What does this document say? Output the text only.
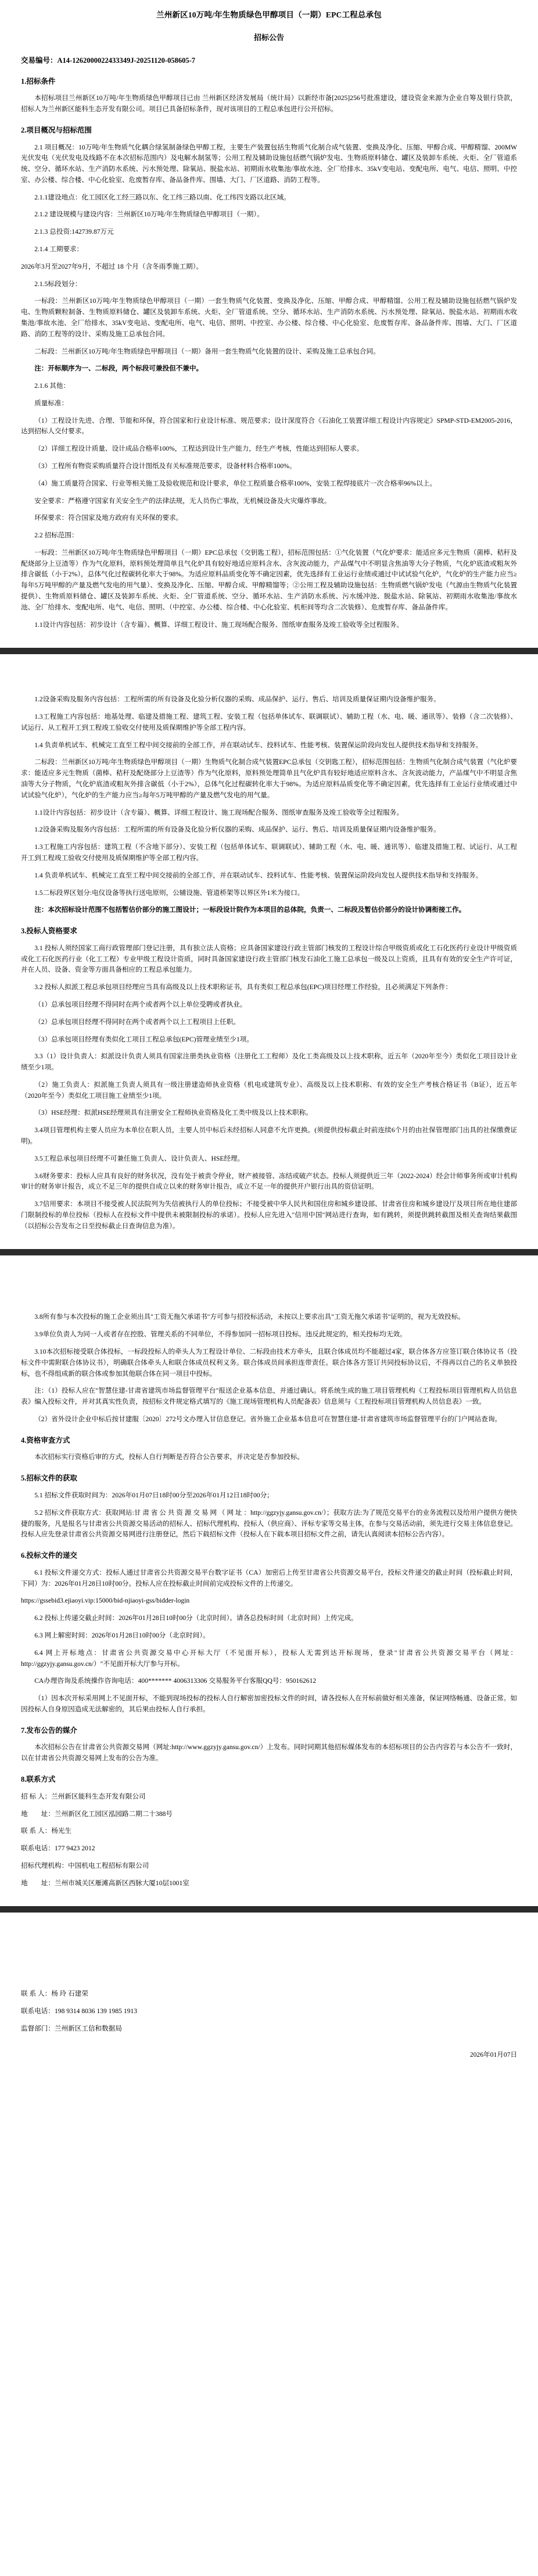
兰州新区10万吨/年生物质绿色甲醇项目（一期）EPC工程总承包
招标公告
交易编号：A14-1262000022433349J-20251120-058605-7
1.招标条件

本招标项目兰州新区10万吨/年生物质绿色甲醇项目已由 兰州新区经济发展局（统计局）以新经市备[2025]256号批准建设，建设资金来源为企业自筹及银行贷款，招标人为兰州新区能科生态开发有限公司。项目已具备招标条件，现对该项目的工程总承包进行公开招标。

2.项目概况与招标范围

2.1 项目概况：10万吨/年生物质气化耦合绿氢制备绿色甲醇工程，主要生产装置包括生物质气化制合成气装置、变换及净化、压缩、甲醇合成、甲醇精馏、200MW光伏发电（光伏发电及线路不在本次招标范围内）及电解水制氢等；公用工程及辅助设施包括燃气锅炉发电、生物质原料储仓、罐区及装卸车系统、火炬、全厂管道系统、空分、循环水站、生产消防水系统、污水预处理、除氧站、脱盐水站、初期雨水收集池/事故水池、全厂给排水、35kV变电站、变配电所、电气、电信、照明、中控室、办公楼、综合楼、中心化验室、危废暂存库、备品备件库、围墙、大门、厂区道路、消防工程等。

2.1.1建设地点：化工园区化工经三路以东、化工纬三路以南、化工纬四支路以北区域。

2.1.2 建设规模与建设内容：兰州新区10万吨/年生物质绿色甲醇项目（一期）。

2.1.3 总投资:142739.87万元

2.1.4 工期要求：

2026年3月至2027年9月，不超过 18 个月（含冬雨季施工期）。

2.1.5标段划分：

一标段：兰州新区10万吨/年生物质绿色甲醇项目（一期）一套生物质气化装置、变换及净化、压缩、甲醇合成、甲醇精馏、公用工程及辅助设施包括燃气锅炉发电、生物质颗粒制备、生物质原料储仓、罐区及装卸车系统、火炬、全厂管道系统、空分、循环水站、生产消防水系统、污水预处理、除氧站、脱盐水站、初期雨水收集池/事故水池、全厂给排水、35kV变电站、变配电所、电气、电信、照明、中控室、办公楼、综合楼、中心化验室、危废暂存库、备品备件库、围墙、大门、厂区道路、消防工程等的设计、采购及施工总承包合同。

二标段：兰州新区10万吨/年生物质绿色甲醇项目（一期）备用一套生物质气化装置的设计、采购及施工总承包合同。

注：开标顺序为一、二标段，两个标段可兼投但不兼中。

2.1.6 其他：

质量标准：

（1）工程设计先进、合理、节能和环保，符合国家和行业设计标准、规范要求；设计深度符合《石油化工装置详细工程设计内容规定》SPMP-STD-EM2005-2016，达到招标人交付要求。

（2）详细工程设计质量、设计成品合格率100%，工程达到设计生产能力，经生产考核，性能达到招标人要求。

（3）工程所有物资采购质量符合设计图纸及有关标准规范要求，设备材料合格率100%。

（4）施工质量符合国家、行业等相关施工及验收规范和设计要求，单位工程质量合格率100%，安装工程焊接底片一次合格率96%以上。

安全要求：严格遵守国家有关安全生产的法律法规，无人员伤亡事故，无机械设备及火灾爆炸事故。

环保要求：符合国家及地方政府有关环保的要求。

2.2 招标范围：

一标段：兰州新区10万吨/年生物质绿色甲醇项目（一期）EPC总承包（交钥匙工程），招标范围包括：①气化装置（气化炉要求：能适应多元生物质（菌棒、秸秆及配烧部分上豆渣等）作为气化原料，原料预处理简单且气化炉具有较好地适应原料含水、含灰波动能力，产品煤气中不明显含焦油等大分子物质，气化炉底渣或粗灰外排含碳低（小于2%），总体气化过程碳转化率大于98%。为适应原料品质变化等不确定因素，优先选择有工业运行业绩或通过中试试验气化炉，气化炉的生产能力应当≥每年5万吨甲醇的产量及燃气发电的用气量）、变换及净化、压缩、甲醇合成、甲醇精馏等；②公用工程及辅助设施包括：生物质燃气锅炉发电（气源由生物质气化装置提供）、生物质原料储仓、罐区及装卸车系统、火炬、全厂管道系统、空分、循环水站、生产消防水系统、污水缓冲池、脱盐水站、除氧站、初期雨水收集池/事故水池、全厂给排水、变配电所、电气、电信、照明、（中控室、办公楼、综合楼、中心化验室、机柜间等均含二次装修）、危废暂存库、备品备件库。

1.1设计内容包括：初步设计（含专篇）、概算、详细工程设计、施工现场配合服务、图纸审查服务及竣工验收等全过程服务。

1.2设备采购及服务内容包括：工程所需的所有设备及化验分析仪器的采购、成品保护、运行、售后、培训及质量保证期内设备维护服务。

1.3工程施工内容包括：地基处理、临建及措施工程、建筑工程、安装工程（包括单体试车、联调联试）、辅助工程（水、电、暖、通讯等）、装修（含二次装修）、试运行、从工程开工到工程竣工验收交付使用及质保期维护等全部工程内容。

1.4 负责单机试车、机械完工直至工程中间交接前的全部工作，并在联动试车、投料试车、性能考核、装置保运阶段向发包人提供技术指导和支持服务。

二标段：兰州新区10万吨/年生物质绿色甲醇项目（一期）生物质气化制合成气装置EPC总承包（交钥匙工程），招标范围包括：生物质气化制合成气装置（气化炉要求：能适应多元生物质（菌棒、秸秆及配烧部分上豆渣等）作为气化原料，原料预处理简单且气化炉具有较好地适应原料含水、含灰波动能力，产品煤气中不明显含焦油等大分子物质，气化炉底渣或粗灰外排含碳低（小于2%），总体气化过程碳转化率大于98%。为适应原料品质变化等不确定因素，优先选择有工业运行业绩或通过中试试验气化炉），气化炉的生产能力应当≥每年5万吨甲醇的产量及燃气发电的用气量。

1.1设计内容包括：初步设计（含专篇）、概算、详细工程设计、施工现场配合服务、图纸审查服务及竣工验收等全过程服务。

1.2设备采购及服务内容包括：工程所需的所有设备及化验分析仪器的采购、成品保护、运行、售后、培训及质量保证期内设备维护服务。

1.3工程施工内容包括：建筑工程（不含地下部分）、安装工程（包括单体试车、联调联试）、辅助工程（水、电、暖、通讯等）、临建及措施工程、试运行、从工程开工到工程竣工验收交付使用及质保期维护等全部工程内容。

1.4 负责单机试车、机械完工直至工程中间交接前的全部工作，并在联动试车、投料试车、性能考核、装置保运阶段向发包人提供技术指导和支持服务。

1.5二标段界区划分:电仪设备等执行送电原则，公辅设施、管道桥架等以界区外1米为接口。

注：本次招标设计范围不包括暂估价部分的施工图设计；一标段设计院作为本项目的总体院，负责一、二标段及暂估价部分的设计协调衔接工作。

3.投标人资格要求

3.1 投标人须经国家工商行政管理部门登记注册，具有独立法人资格；应具备国家建设行政主管部门核发的工程设计综合甲级资质或化工石化医药行业设计甲级资质或化工石化医药行业（化工工程）专业甲级工程设计资质，同时具备国家建设行政主管部门核发石油化工施工总承包一级及以上资质，且具有有效的安全生产许可证，并在人员、设备、资金等方面具备相应的工程总承包能力。

3.2 投标人拟派工程总承包项目经理应当具有高级及以上技术职称证书，具有类似工程总承包(EPC)项目经理工作经验，且必须满足下列条件：

（1）总承包项目经理不得同时在两个或者两个以上单位受聘或者执业。

（2）总承包项目经理不得同时在两个或者两个以上工程项目上任职。

（3）总承包项目经理有类似化工项目工程总承包(EPC)管理业绩至少1项。

3.3（1）设计负责人：拟派设计负责人须具有国家注册类执业资格（注册化工工程师）及化工类高级及以上技术职称，近五年（2020年至今）类似化工项目设计业绩至少1项。

（2）施工负责人：拟派施工负责人须具有一级注册建造师执业资格（机电或建筑专业）、高级及以上技术职称、有效的安全生产考核合格证书（B证），近五年（2020年至今）类似化工项目施工业绩至少1项。

（3）HSE经理：拟派HSE经理须具有注册安全工程师执业资格及化工类中级及以上技术职称。

3.4项目管理机构主要人员应为本单位在职人员，主要人员中标后未经招标人同意不允许更换。(须提供投标截止时前连续6个月的由社保管理部门出具的社保缴费证明)。

3.5工程总承包项目经理不可兼任施工负责人、设计负责人、HSE经理。

3.6财务要求：投标人应具有良好的财务状况，没有处于被责令停业，财产被接管、冻结或破产状态。投标人须提供近三年（2022-2024）经会计师事务所或审计机构审计的财务审计报告，成立不足三年的提供自成立以来的财务审计报告，成立不足一年的提供开户银行出具的资信证明。

3.7信用要求：本项目不接受被人民法院列为失信被执行人的单位投标；不接受被中华人民共和国住房和城乡建设部、甘肃省住房和城乡建设厅及项目所在地住建部门限制投标的单位投标（投标人在投标文件中提供未被限制投标的承诺）。投标人应先进入"信用中国"网站进行查询，如有跳转，须提供跳转截图及相关查询结果截图（以招标公告发布之日至投标截止日查询信息为准）。

3.8所有参与本次投标的施工企业须出具"工资无拖欠承诺书"方可参与招投标活动，未按以上要求出具"工资无拖欠承诺书"证明的，视为无效投标。

3.9单位负责人为同一人或者存在控股、管理关系的不同单位，不得参加同一招标项目投标。违反此规定的，相关投标均无效。

3.10本次招标接受联合体投标，一标段投标人的牵头人为工程设计单位、二标段由技术方牵头，且联合体成员均不能超过4家，联合体各方应签订联合体协议书（投标文件中需附联合体协议书），明确联合体牵头人和联合体成员权利义务。联合体成员间承担连带责任。联合体各方签订共同投标协议后，不得再以自己的名义单独投标，也不得组成新的联合体或参加其他联合体在同一项目中投标。

注：（1）投标人应在"智慧住建-甘肃省建筑市场监督管理平台"报送企业基本信息，并通过确认。将系统生成的施工项目管理机构《工程投标项目管理机构人员信息表》编入投标文件，并对其真实性负责，按招标文件规定格式填写的《施工现场管理机构人员配备表》信息须与《工程投标项目管理机构人员信息表》一致。

（2）省外设计企业中标后按甘建服〔2020〕272号文办理入甘信息登记。省外施工企业基本信息可在智慧住建-甘肃省建筑市场监督管理平台的门户网站查询。

4.资格审查方式

本次招标实行资格后审的方式，投标人自行判断是否符合公告要求，并决定是否参加投标。

5.招标文件的获取

5.1 招标文件获取时间为：2026年01月07日18时00分至2026年01月12日18时00分；

5.2 招标文件获取方式：获取网站:甘 肃 省 公 共 资 源 交 易 网 （ 网 址 ：http://ggzyjy.gansu.gov.cn/）；获取方法:为了规范交易平台的业务流程以及给用户提供方便快捷的服务，凡是报名与甘肃省公共资源交易活动的招标人、招标代理机构、投标人（供应商）、评标专家等交易主体，在参与交易活动前，须先进行交易主体信息登记。投标人应先登录甘肃省公共资源交易网进行注册登记，然后下载招标文件（投标人在下载本项目招标文件之前，请先认真阅读本招标公告内容）。

6.投标文件的递交

6.1 投标文件递交方式：投标人通过甘肃省公共资源交易平台数字证书（CA）加密后上传至甘肃省公共资源交易平台，投标文件递交的截止时间（投标截止时间，下同）为：2026年01月28日10时00分。投标人应在投标截止时间前完成投标文件的上传递交。

https://gssebid3.ejiaoyi.vip:15000/bid-njiaoyi-gss/bidder-login

6.2 投标上传递交截止时间：2026年01月28日10时00分（北京时间）。请各总投标时间（北京时间）上传完成。

6.3 网上解密时间：2026年01月28日10时00分（北京时间）。

6.4 网上开标地点：甘肃省公共资源交易中心开标大厅（不见面开标），投标人无需到达开标现场，登录"甘肃省公共资源交易平台（网址：http://ggzyjy.gansu.gov.cn/）"不见面开标大厅参与开标。

CA办理咨询及系统操作咨询电话：400******* 4006313306 交易服务平台客服QQ号：950162612

（1）因本次开标采用网上不见面开标，不能到现场投标的投标人自行解密加密投标文件的时间，请各投标人在开标前做好相关准备，保证网络畅通、设备正常。如因投标人自身原因造成无法解密的，其后果由投标人自行承担。

7.发布公告的媒介

本次招标公告在甘肃省公共资源交易网（网址:http://www.ggzyjy.gansu.gov.cn/）上发布。同时同期其他招标媒体发布的本招标项目的公告内容若与本公告不一致时，以在甘肃省公共资源交易网上发布的公告为准。

8.联系方式

招 标 人：兰州新区能科生态开发有限公司

地　　址：兰州新区化工园区泓园路二期二十388号

联 系 人：杨光生

联系电话：177 9423 2012

招标代理机构：中国机电工程招标有限公司

地　　址：兰州市城关区雁滩高新区西脉大厦10层1001室

联 系 人：杨 玲 石建荣

联系电话：198 9314 8036 139 1985 1913

监督部门：兰州新区工信和数据局

2026年01月07日
